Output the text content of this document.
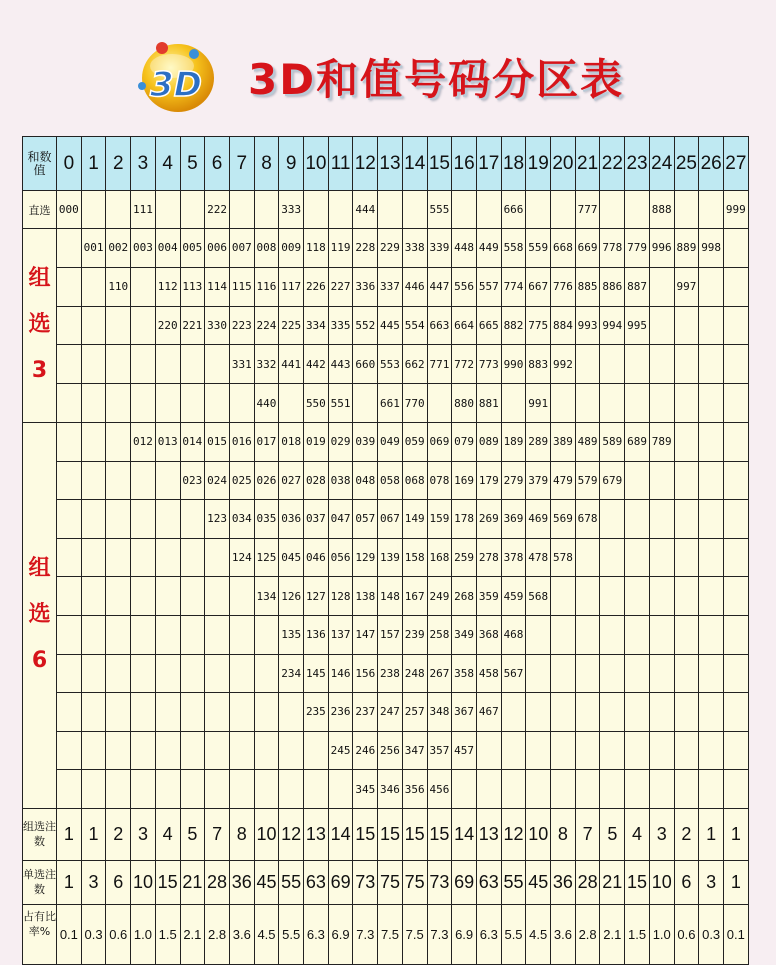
3D 3D和值号码分区表
和数值	0	1	2	3	4	5	6	7	8	9	10	11	12	13	14	15	16	17	18	19	20	21	22	23	24	25	26	27
直选	000			111			222			333			444			555			666			777			888			999

组
选
3		001	002	003	004	005	006	007	008	009	118	119	228	229	338	339	448	449	558	559	668	669	778	779	996	889	998	
			110		112	113	114	115	116	117	226	227	336	337	446	447	556	557	774	667	776	885	886	887		997		
					220	221	330	223	224	225	334	335	552	445	554	663	664	665	882	775	884	993	994	995				
								331	332	441	442	443	660	553	662	771	772	773	990	883	992							
									440		550	551		661	770		880	881		991								

组
选
6				012	013	014	015	016	017	018	019	029	039	049	059	069	079	089	189	289	389	489	589	689	789			
						023	024	025	026	027	028	038	048	058	068	078	169	179	279	379	479	579	679					
							123	034	035	036	037	047	057	067	149	159	178	269	369	469	569	678						
								124	125	045	046	056	129	139	158	168	259	278	378	478	578							
									134	126	127	128	138	148	167	249	268	359	459	568								
										135	136	137	147	157	239	258	349	368	468									
										234	145	146	156	238	248	267	358	458	567									
											235	236	237	247	257	348	367	467										
												245	246	256	347	357	457											
													345	346	356	456												
组选注数	1	1	2	3	4	5	7	8	10	12	13	14	15	15	15	15	14	13	12	10	8	7	5	4	3	2	1	1
单选注数	1	3	6	10	15	21	28	36	45	55	63	69	73	75	75	73	69	63	55	45	36	28	21	15	10	6	3	1
占有比率%	0.1	0.3	0.6	1.0	1.5	2.1	2.8	3.6	4.5	5.5	6.3	6.9	7.3	7.5	7.5	7.3	6.9	6.3	5.5	4.5	3.6	2.8	2.1	1.5	1.0	0.6	0.3	0.1
